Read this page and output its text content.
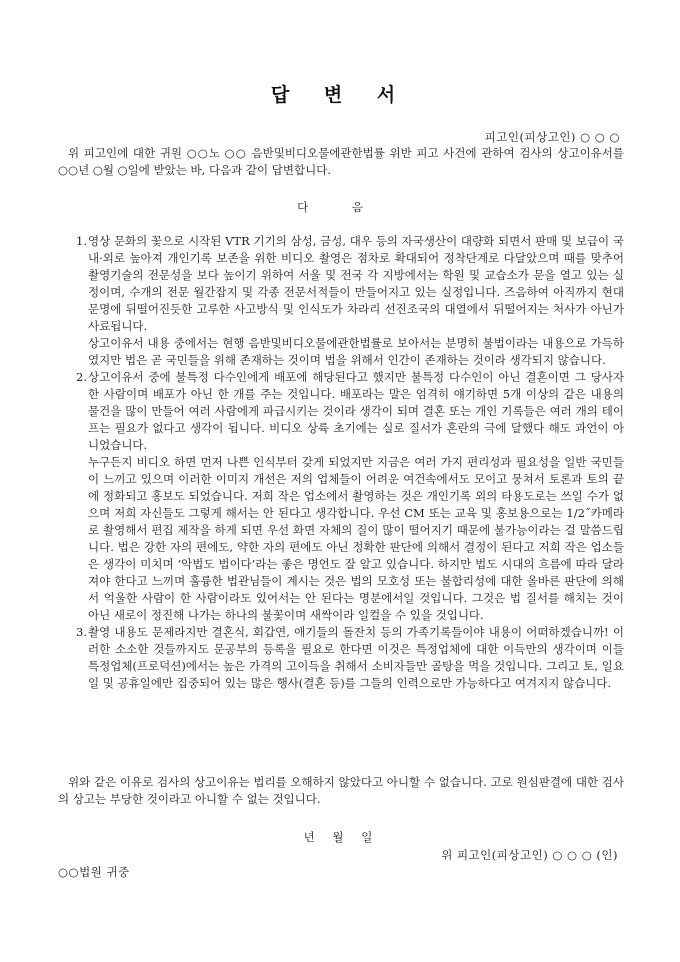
답 변 서
피고인(피상고인) ○ ○ ○

위 피고인에 대한 귀원 ○○노 ○○ 음반및비디오물에관한법률 위반 피고 사건에 관하여 검사의 상고이유서를 ○○년 ○월 ○일에 받았는 바, 다음과 같이 답변합니다.

다 음
1. 영상 문화의 꽃으로 시작된 VTR 기기의 삼성, 금성, 대우 등의 자국생산이 대량화 되면서 판매 및 보급이 국내·외로 높아져 개인기록 보존을 위한 비디오 촬영은 점차로 확대되어 정착단계로 다달았으며 때를 맞추어 촬영기술의 전문성을 보다 높이기 위하여 서울 및 전국 각 지방에서는 학원 및 교습소가 문을 열고 있는 실정이며, 수개의 전문 월간잡지 및 각종 전문서적들이 만들어지고 있는 실정입니다. 즈음하여 아직까지 현대문명에 뒤떨어진듯한 고루한 사고방식 및 인식도가 차라리 선진조국의 대열에서 뒤떨어지는 처사가 아닌가 사료됩니다.

상고이유서 내용 중에서는 현행 음반및비디오물에관한법률로 보아서는 분명히 불법이라는 내용으로 가득하였지만 법은 곧 국민들을 위해 존재하는 것이며 법을 위해서 인간이 존재하는 것이라 생각되지 않습니다.

2. 상고이유서 중에 불특정 다수인에게 배포에 해당된다고 했지만 불특정 다수인이 아닌 결혼이면 그 당사자 한 사람이며 배포가 아닌 한 개를 주는 것입니다. 배포라는 말은 엄격히 얘기하면 5개 이상의 같은 내용의 물건을 많이 만들어 여러 사람에게 파급시키는 것이라 생각이 되며 결혼 또는 개인 기록들은 여러 개의 테이프는 필요가 없다고 생각이 됩니다. 비디오 상륙 초기에는 실로 질서가 혼란의 극에 달했다 해도 과언이 아니었습니다.

누구든지 비디오 하면 먼저 나쁜 인식부터 갖게 되었지만 지금은 여러 가지 편리성과 필요성을 일반 국민들이 느끼고 있으며 이러한 이미지 개선은 저의 업체들이 어려운 여건속에서도 모이고 뭉쳐서 토론과 토의 끝에 정화되고 홍보도 되었습니다. 저희 작은 업소에서 촬영하는 것은 개인기록 외의 타용도로는 쓰일 수가 없으며 저희 자신들도 그렇게 해서는 안 된다고 생각합니다. 우선 CM 또는 교육 및 홍보용으로는 1/2˝카메라로 촬영해서 편집 제작을 하게 되면 우선 화면 자체의 질이 많이 떨어지기 때문에 불가능이라는 걸 말씀드립니다. 법은 강한 자의 편에도, 약한 자의 편에도 아닌 정확한 판단에 의해서 결정이 된다고 저희 작은 업소들은 생각이 미치며 ‘악법도 법이다’라는 좋은 명언도 잘 알고 있습니다. 하지만 법도 시대의 흐름에 따라 달라져야 한다고 느끼며 훌륭한 법관님들이 계시는 것은 법의 모호성 또는 불합리성에 대한 올바른 판단에 의해서 억울한 사람이 한 사람이라도 있어서는 안 된다는 명분에서일 것입니다. 그것은 법 질서를 해치는 것이 아닌 새로이 정진해 나가는 하나의 불꽃이며 새싹이라 일컬을 수 있을 것입니다.

3. 촬영 내용도 문제라지만 결혼식, 회갑연, 애기들의 돌잔치 등의 가족기록들이야 내용이 어떠하겠습니까! 이러한 소소한 것들까지도 문공부의 등록을 필요로 한다면 이것은 특정업체에 대한 이득만의 생각이며 이들 특정업체(프로덕션)에서는 높은 가격의 고이득을 취해서 소비자들만 골탕을 먹을 것입니다. 그리고 토, 일요일 및 공휴일에만 집중되어 있는 많은 행사(결혼 등)를 그들의 인력으로만 가능하다고 여겨지지 않습니다.

위와 같은 이유로 검사의 상고이유는 법리를 오해하지 않았다고 아니할 수 없습니다. 고로 원심판결에 대한 검사의 상고는 부당한 것이라고 아니할 수 없는 것입니다.

년 월 일
위 피고인(피상고인) ○ ○ ○ (인)
○○법원 귀중
